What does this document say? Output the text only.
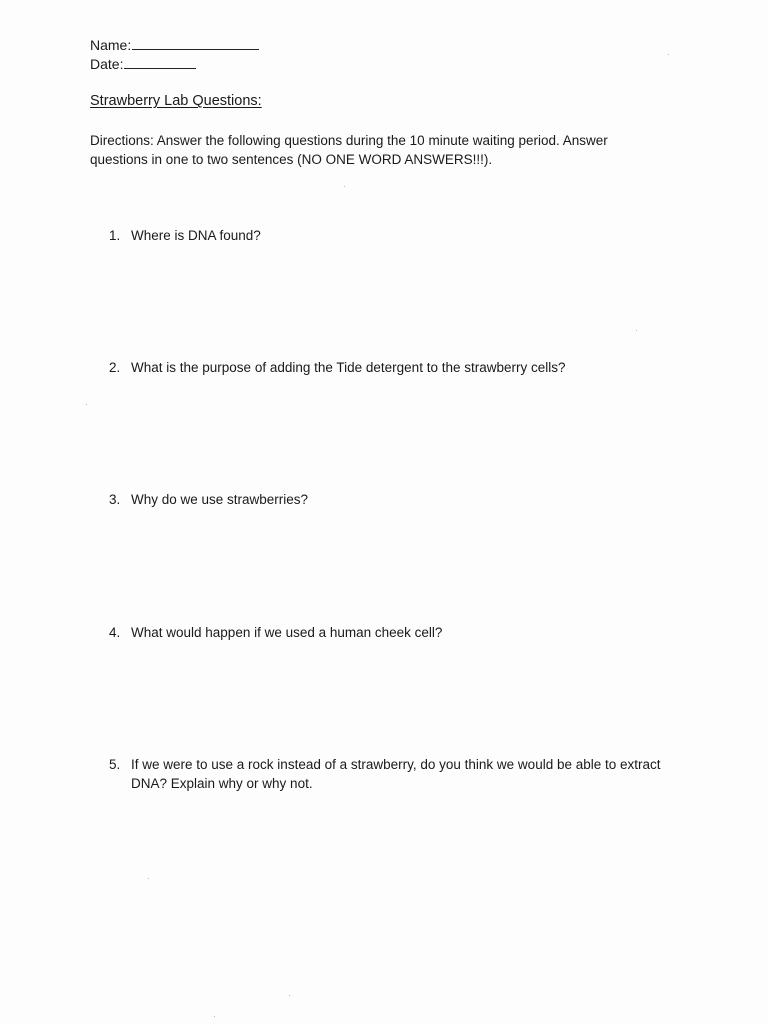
Name:
Date:
Strawberry Lab Questions:
Directions: Answer the following questions during the 10 minute waiting period. Answer questions in one to two sentences (NO ONE WORD ANSWERS!!!).
1. Where is DNA found?
2. What is the purpose of adding the Tide detergent to the strawberry cells?
3. Why do we use strawberries?
4. What would happen if we used a human cheek cell?
5. If we were to use a rock instead of a strawberry, do you think we would be able to extract DNA? Explain why or why not.
